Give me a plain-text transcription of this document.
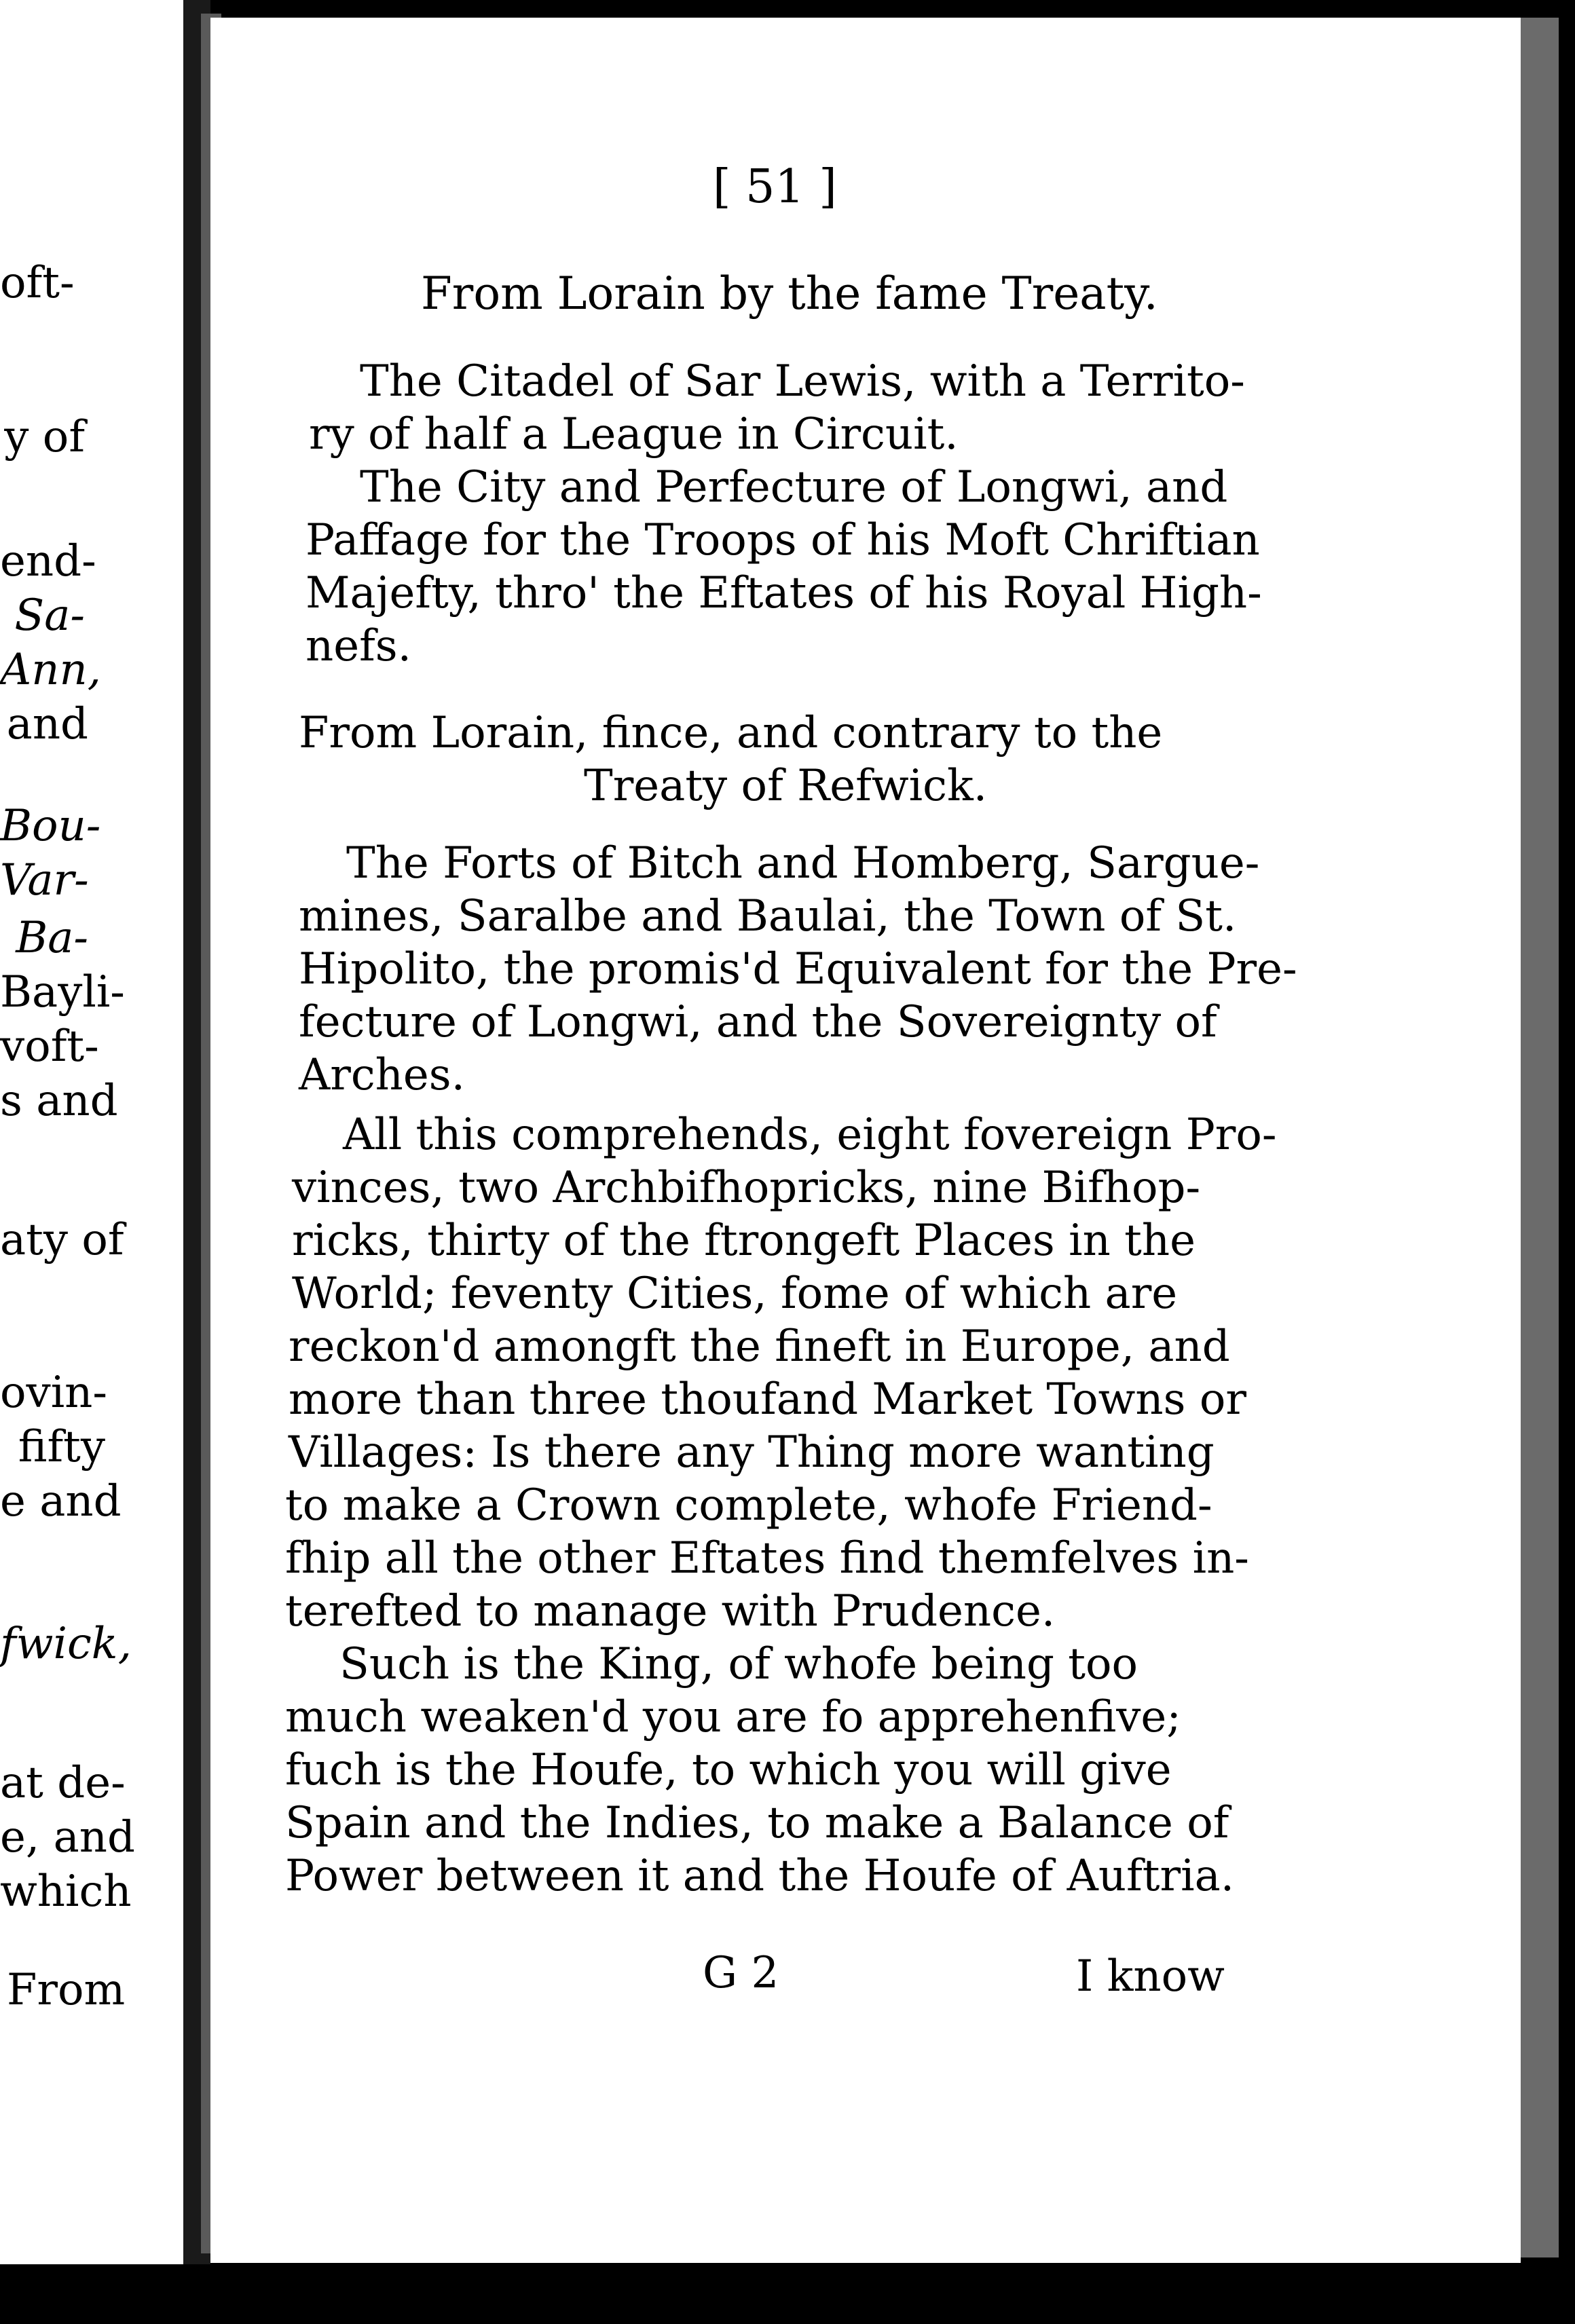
oft-
y of
end-
Sa-
Ann,
and
Bou-
Var-
Ba-
Bayli-
voft-
s and
aty of
ovin-
fifty
e and
fwick,
at de-
e, and
which
From
[ 51 ]
From Lorain by the fame Treaty.
The Citadel of Sar Lewis, with a Territo-
ry of half a League in Circuit.
The City and Perfecture of Longwi, and
Paffage for the Troops of his Moft Chriftian
Majefty, thro' the Eftates of his Royal High-
nefs.
From Lorain, fince, and contrary to the
Treaty of Refwick.
The Forts of Bitch and Homberg, Sargue-
mines, Saralbe and Baulai, the Town of St.
Hipolito, the promis'd Equivalent for the Pre-
fecture of Longwi, and the Sovereignty of
Arches.
All this comprehends, eight fovereign Pro-
vinces, two Archbifhopricks, nine Bifhop-
ricks, thirty of the ftrongeft Places in the
World; feventy Cities, fome of which are
reckon'd amongft the fineft in Europe, and
more than three thoufand Market Towns or
Villages: Is there any Thing more wanting
to make a Crown complete, whofe Friend-
fhip all the other Eftates find themfelves in-
terefted to manage with Prudence.
Such is the King, of whofe being too
much weaken'd you are fo apprehenfive;
fuch is the Houfe, to which you will give
Spain and the Indies, to make a Balance of
Power between it and the Houfe of Auftria.
G 2	I know
